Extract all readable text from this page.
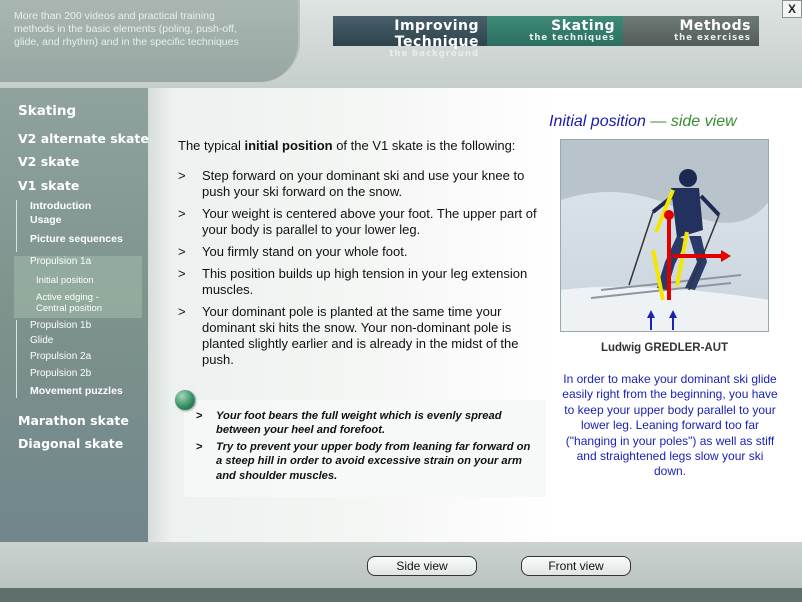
More than 200 videos and practical training methods in the basic elements (poling, push-off, glide, and rhythm) and in the specific techniques
Improving Technique
the background
Skating
the techniques
Methods
the exercises
X
Skating
V2 alternate skate
V2 skate
V1 skate
Introduction
Usage
Picture sequences
Propulsion 1a
Initial position
Active edging -
Central position
Propulsion 1b
Glide
Propulsion 2a
Propulsion 2b
Movement puzzles
Marathon skate
Diagonal skate

The typical initial position of the V1 skate is the following:

> Step forward on your dominant ski and use your knee to push your ski forward on the snow.
> Your weight is centered above your foot. The upper part of your body is parallel to your lower leg.
> You firmly stand on your whole foot.
> This position builds up high tension in your leg extension muscles.
> Your dominant pole is planted at the same time your dominant ski hits the snow. Your non-dominant pole is planted slightly earlier and is already in the midst of the push.
> Your foot bears the full weight which is evenly spread between your heel and forefoot.
> Try to prevent your upper body from leaning far forward on a steep hill in order to avoid excessive strain on your arm and shoulder muscles.
Initial position — side view
Ludwig GREDLER-AUT
In order to make your dominant ski glide easily right from the beginning, you have to keep your upper body parallel to your lower leg. Leaning forward too far ("hanging in your poles") as well as stiff and straightened legs slow your ski down.
Side view	Front view
